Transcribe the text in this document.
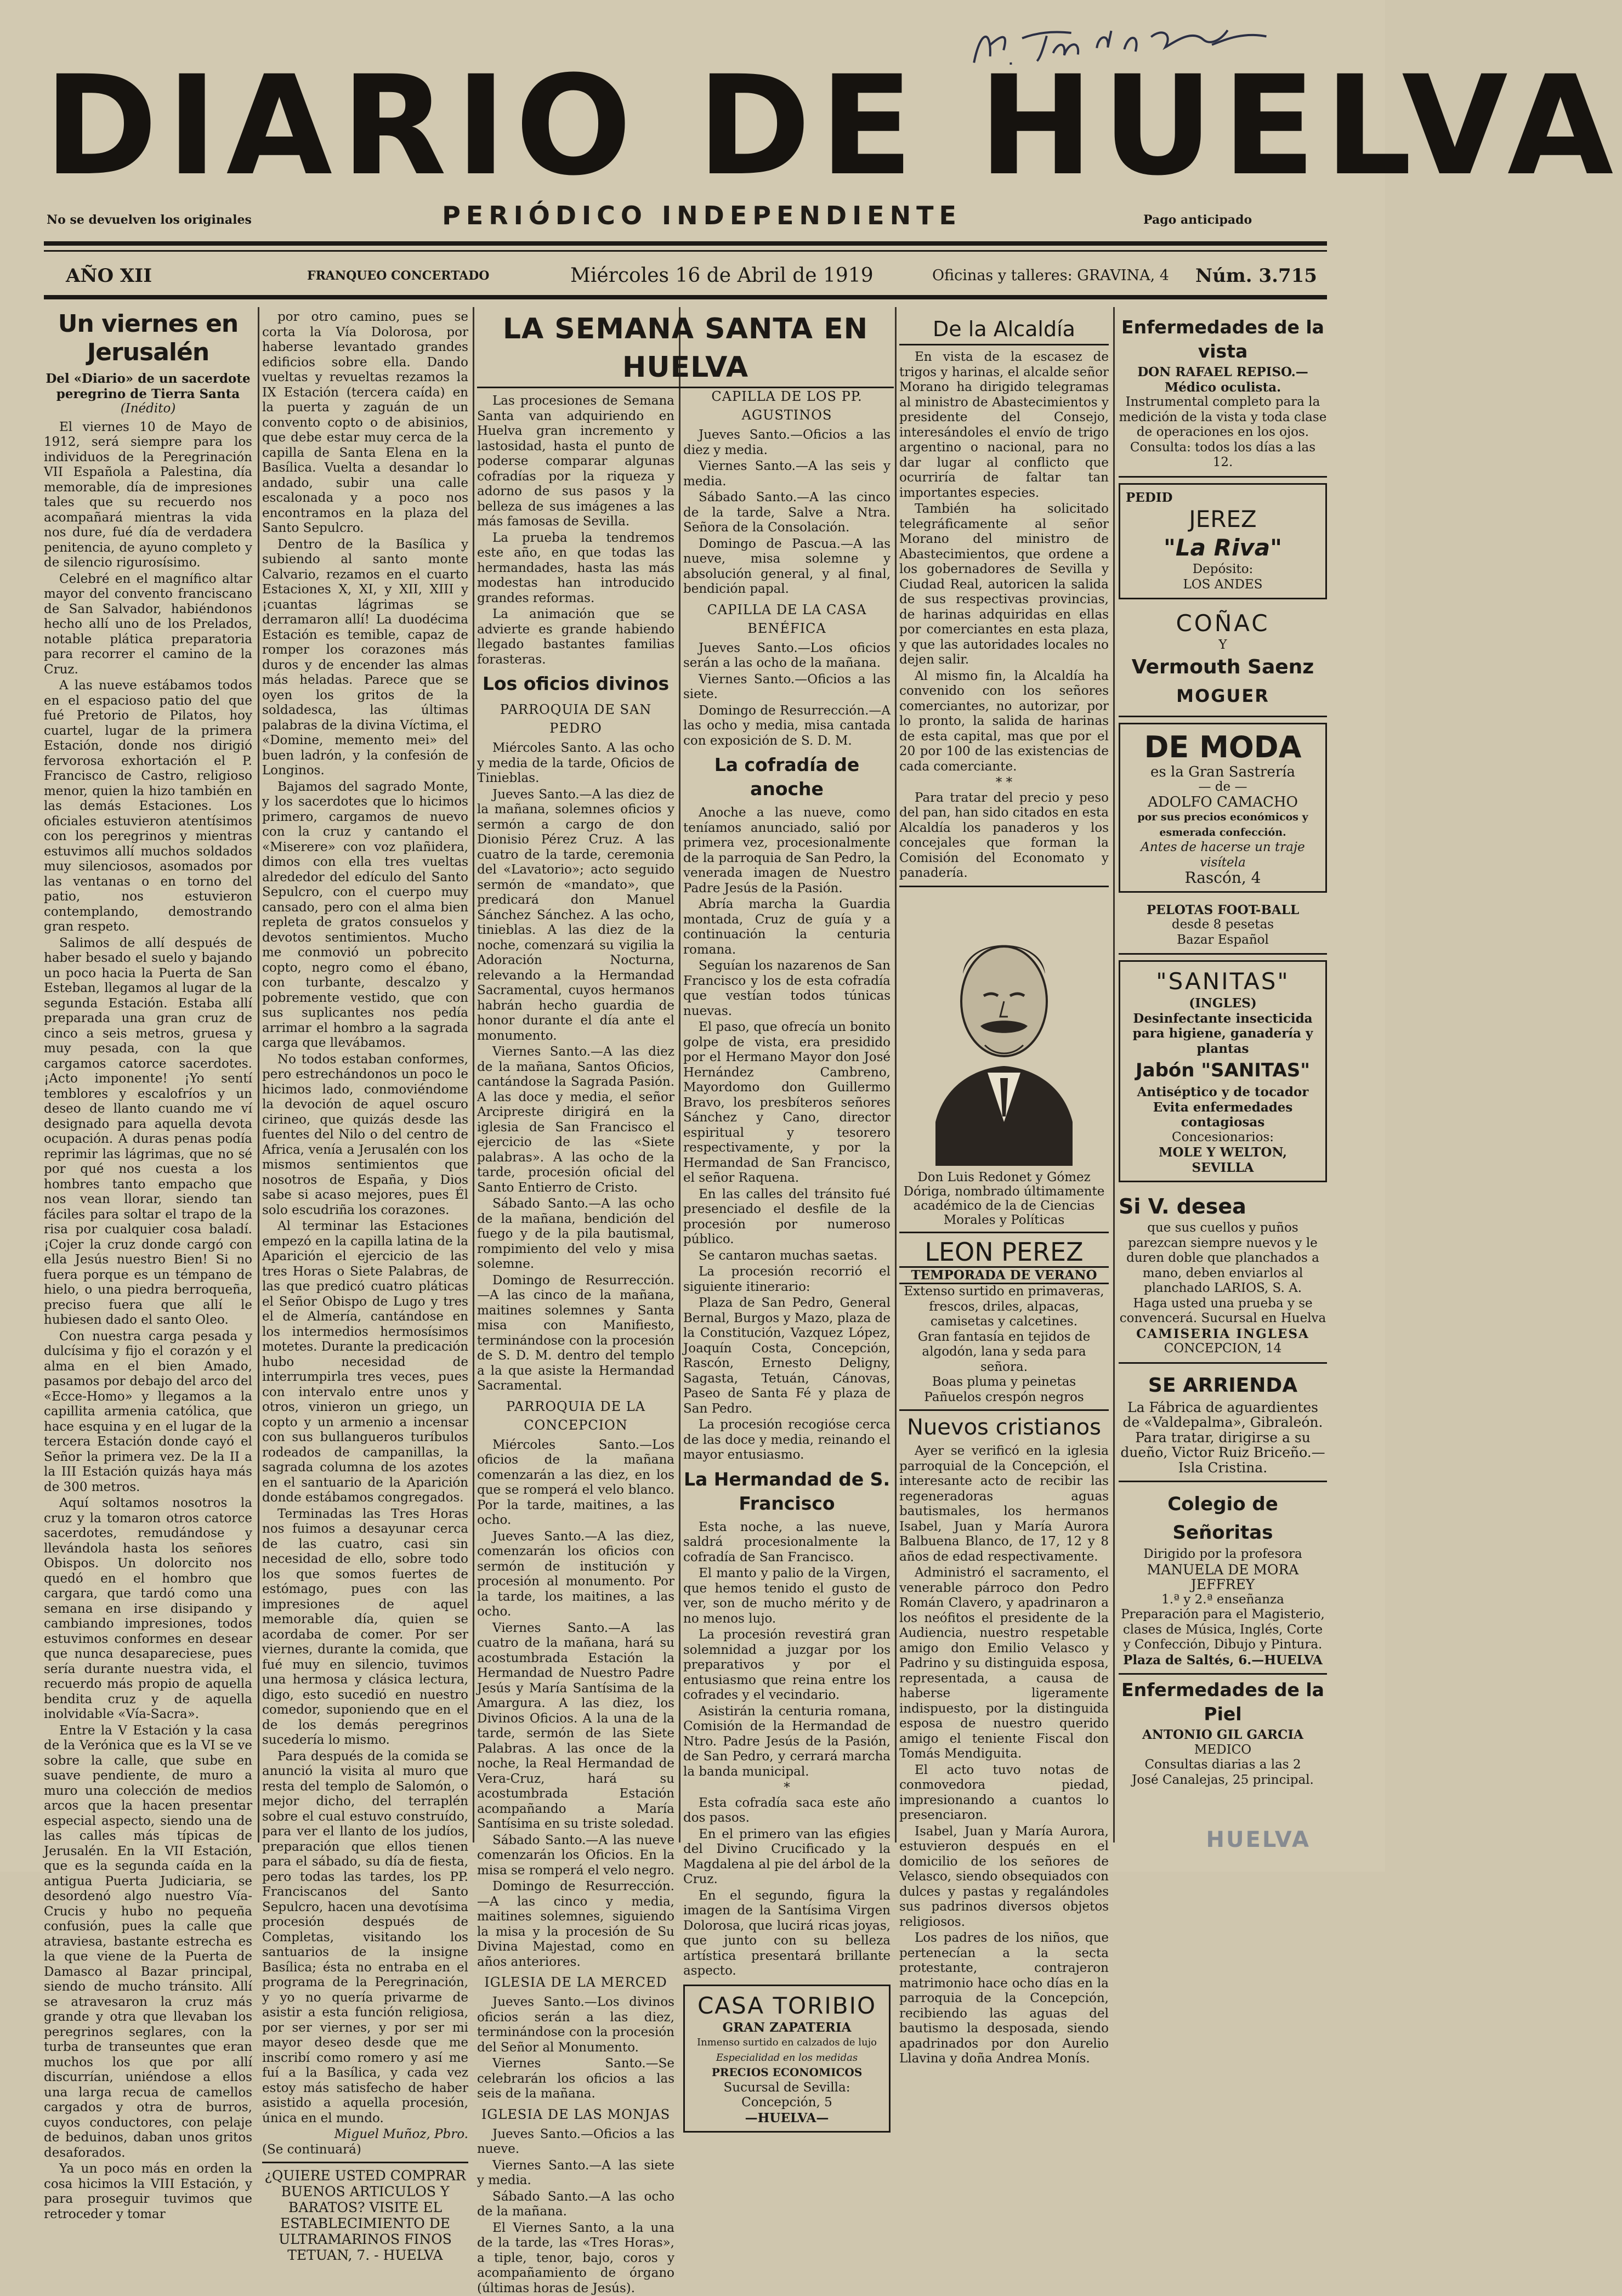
DIARIO DE HUELVA
No se devuelven los originales	PERIÓDICO INDEPENDIENTE	Pago anticipado
AÑO XII	FRANQUEO CONCERTADO	Miércoles 16 de Abril de 1919	Oficinas y talleres: GRAVINA, 4 Núm. 3.715
Un viernes en Jerusalén
Del «Diario» de un sacerdote peregrino de Tierra Santa
(Inédito)

El viernes 10 de Mayo de 1912, será siempre para los individuos de la Peregrinación VII Española a Palestina, día memorable, día de impresiones tales que su recuerdo nos acompañará mientras la vida nos dure, fué día de verdadera penitencia, de ayuno completo y de silencio rigurosísimo.

Celebré en el magnífico altar mayor del convento franciscano de San Salvador, habiéndonos hecho allí uno de los Prelados, notable plática preparatoria para recorrer el camino de la Cruz.

A las nueve estábamos todos en el espacioso patio del que fué Pretorio de Pilatos, hoy cuartel, lugar de la primera Estación, donde nos dirigió fervorosa exhortación el P. Francisco de Castro, religioso menor, quien la hizo también en las demás Estaciones. Los oficiales estuvieron atentísimos con los peregrinos y mientras estuvimos allí muchos soldados muy silenciosos, asomados por las ventanas o en torno del patio, nos estuvieron contemplando, demostrando gran respeto.

Salimos de allí después de haber besado el suelo y bajando un poco hacia la Puerta de San Esteban, llegamos al lugar de la segunda Estación. Estaba allí preparada una gran cruz de cinco a seis metros, gruesa y muy pesada, con la que cargamos catorce sacerdotes. ¡Acto imponente! ¡Yo sentí temblores y escalofríos y un deseo de llanto cuando me ví designado para aquella devota ocupación. A duras penas podía reprimir las lágrimas, que no sé por qué nos cuesta a los hombres tanto empacho que nos vean llorar, siendo tan fáciles para soltar el trapo de la risa por cualquier cosa baladí. ¡Cojer la cruz donde cargó con ella Jesús nuestro Bien! Si no fuera porque es un témpano de hielo, o una piedra berroqueña, preciso fuera que allí le hubiesen dado el santo Oleo.

Con nuestra carga pesada y dulcísima y fijo el corazón y el alma en el bien Amado, pasamos por debajo del arco del «Ecce-Homo» y llegamos a la capillita armenia católica, que hace esquina y en el lugar de la tercera Estación donde cayó el Señor la primera vez. De la II a la III Estación quizás haya más de 300 metros.

Aquí soltamos nosotros la cruz y la tomaron otros catorce sacerdotes, remudándose y llevándola hasta los señores Obispos. Un dolorcito nos quedó en el hombro que cargara, que tardó como una semana en irse disipando y cambiando impresiones, todos estuvimos conformes en desear que nunca desapareciese, pues sería durante nuestra vida, el recuerdo más propio de aquella bendita cruz y de aquella inolvidable «Vía-Sacra».

Entre la V Estación y la casa de la Verónica que es la VI se ve sobre la calle, que sube en suave pendiente, de muro a muro una colección de medios arcos que la hacen presentar especial aspecto, siendo una de las calles más típicas de Jerusalén. En la VII Estación, que es la segunda caída en la antigua Puerta Judiciaria, se desordenó algo nuestro Vía-Crucis y hubo no pequeña confusión, pues la calle que atraviesa, bastante estrecha es la que viene de la Puerta de Damasco al Bazar principal, siendo de mucho tránsito. Allí se atravesaron la cruz más grande y otra que llevaban los peregrinos seglares, con la turba de transeuntes que eran muchos los que por allí discurrían, uniéndose a ellos una larga recua de camellos cargados y otra de burros, cuyos conductores, con pelaje de beduinos, daban unos gritos desaforados.

Ya un poco más en orden la cosa hicimos la VIII Estación, y para proseguir tuvimos que retroceder y tomar

por otro camino, pues se corta la Vía Dolorosa, por haberse levantado grandes edificios sobre ella. Dando vueltas y revueltas rezamos la IX Estación (tercera caída) en la puerta y zaguán de un convento copto o de abisinios, que debe estar muy cerca de la capilla de Santa Elena en la Basílica. Vuelta a desandar lo andado, subir una calle escalonada y a poco nos encontramos en la plaza del Santo Sepulcro.

Dentro de la Basílica y subiendo al santo monte Calvario, rezamos en el cuarto Estaciones X, XI, y XII, XIII y ¡cuantas lágrimas se derramaron allí! La duodécima Estación es temible, capaz de romper los corazones más duros y de encender las almas más heladas. Parece que se oyen los gritos de la soldadesca, las últimas palabras de la divina Víctima, el «Domine, memento mei» del buen ladrón, y la confesión de Longinos.

Bajamos del sagrado Monte, y los sacerdotes que lo hicimos primero, cargamos de nuevo con la cruz y cantando el «Miserere» con voz plañidera, dimos con ella tres vueltas alrededor del edículo del Santo Sepulcro, con el cuerpo muy cansado, pero con el alma bien repleta de gratos consuelos y devotos sentimientos. Mucho me conmovió un pobrecito copto, negro como el ébano, con turbante, descalzo y pobremente vestido, que con sus suplicantes nos pedía arrimar el hombro a la sagrada carga que llevábamos.

No todos estaban conformes, pero estrechándonos un poco le hicimos lado, conmoviéndome la devoción de aquel oscuro cirineo, que quizás desde las fuentes del Nilo o del centro de Africa, venía a Jerusalén con los mismos sentimientos que nosotros de España, y Dios sabe si acaso mejores, pues Él solo escudriña los corazones.

Al terminar las Estaciones empezó en la capilla latina de la Aparición el ejercicio de las tres Horas o Siete Palabras, de las que predicó cuatro pláticas el Señor Obispo de Lugo y tres el de Almería, cantándose en los intermedios hermosísimos motetes. Durante la predicación hubo necesidad de interrumpirla tres veces, pues con intervalo entre unos y otros, vinieron un griego, un copto y un armenio a incensar con sus bullangueros turíbulos rodeados de campanillas, la sagrada columna de los azotes en el santuario de la Aparición donde estábamos congregados.

Terminadas las Tres Horas nos fuimos a desayunar cerca de las cuatro, casi sin necesidad de ello, sobre todo los que somos fuertes de estómago, pues con las impresiones de aquel memorable día, quien se acordaba de comer. Por ser viernes, durante la comida, que fué muy en silencio, tuvimos una hermosa y clásica lectura, digo, esto sucedió en nuestro comedor, suponiendo que en el de los demás peregrinos sucedería lo mismo.

Para después de la comida se anunció la visita al muro que resta del templo de Salomón, o mejor dicho, del terraplén sobre el cual estuvo construído, para ver el llanto de los judíos, preparación que ellos tienen para el sábado, su día de fiesta, pero todas las tardes, los PP. Franciscanos del Santo Sepulcro, hacen una devotísima procesión después de Completas, visitando los santuarios de la insigne Basílica; ésta no entraba en el programa de la Peregrinación, y yo no quería privarme de asistir a esta función religiosa, por ser viernes, y por ser mi mayor deseo desde que me inscribí como romero y así me fuí a la Basílica, y cada vez estoy más satisfecho de haber asistido a aquella procesión, única en el mundo.

Miguel Muñoz, Pbro.
(Se continuará)
¿QUIERE USTED COMPRAR BUENOS ARTICULOS Y BARATOS? VISITE EL ESTABLECIMIENTO DE ULTRAMARINOS FINOS TETUAN, 7. - HUELVA
LA SEMANA SANTA EN HUELVA

Las procesiones de Semana Santa van adquiriendo en Huelva gran incremento y lastosidad, hasta el punto de poderse comparar algunas cofradías por la riqueza y adorno de sus pasos y la belleza de sus imágenes a las más famosas de Sevilla.

La prueba la tendremos este año, en que todas las hermandades, hasta las más modestas han introducido grandes reformas.

La animación que se advierte es grande habiendo llegado bastantes familias forasteras.

Los oficios divinos
PARROQUIA DE SAN PEDRO

Miércoles Santo. A las ocho y media de la tarde, Oficios de Tinieblas.

Jueves Santo.—A las diez de la mañana, solemnes oficios y sermón a cargo de don Dionisio Pérez Cruz. A las cuatro de la tarde, ceremonia del «Lavatorio»; acto seguido sermón de «mandato», que predicará don Manuel Sánchez Sánchez. A las ocho, tinieblas. A las diez de la noche, comenzará su vigilia la Adoración Nocturna, relevando a la Hermandad Sacramental, cuyos hermanos habrán hecho guardia de honor durante el día ante el monumento.

Viernes Santo.—A las diez de la mañana, Santos Oficios, cantándose la Sagrada Pasión. A las doce y media, el señor Arcipreste dirigirá en la iglesia de San Francisco el ejercicio de las «Siete palabras». A las ocho de la tarde, procesión oficial del Santo Entierro de Cristo.

Sábado Santo.—A las ocho de la mañana, bendición del fuego y de la pila bautismal, rompimiento del velo y misa solemne.

Domingo de Resurrección.—A las cinco de la mañana, maitines solemnes y Santa misa con Manifiesto, terminándose con la procesión de S. D. M. dentro del templo a la que asiste la Hermandad Sacramental.

PARROQUIA DE LA CONCEPCION

Miércoles Santo.—Los oficios de la mañana comenzarán a las diez, en los que se romperá el velo blanco. Por la tarde, maitines, a las ocho.

Jueves Santo.—A las diez, comenzarán los oficios con sermón de institución y procesión al monumento. Por la tarde, los maitines, a las ocho.

Viernes Santo.—A las cuatro de la mañana, hará su acostumbrada Estación la Hermandad de Nuestro Padre Jesús y María Santísima de la Amargura. A las diez, los Divinos Oficios. A la una de la tarde, sermón de las Siete Palabras. A las once de la noche, la Real Hermandad de Vera-Cruz, hará su acostumbrada Estación acompañando a María Santísima en su triste soledad.

Sábado Santo.—A las nueve comenzarán los Oficios. En la misa se romperá el velo negro.

Domingo de Resurrección.—A las cinco y media, maitines solemnes, siguiendo la misa y la procesión de Su Divina Majestad, como en años anteriores.

IGLESIA DE LA MERCED

Jueves Santo.—Los divinos oficios serán a las diez, terminándose con la procesión del Señor al Monumento.

Viernes Santo.—Se celebrarán los oficios a las seis de la mañana.

IGLESIA DE LAS MONJAS

Jueves Santo.—Oficios a las nueve.

Viernes Santo.—A las siete y media.

Sábado Santo.—A las ocho de la mañana.

El Viernes Santo, a la una de la tarde, las «Tres Horas», a tiple, tenor, bajo, coros y acompañamiento de órgano (últimas horas de Jesús).

CAPILLA DE LOS PP. AGUSTINOS

Jueves Santo.—Oficios a las diez y media.

Viernes Santo.—A las seis y media.

Sábado Santo.—A las cinco de la tarde, Salve a Ntra. Señora de la Consolación.

Domingo de Pascua.—A las nueve, misa solemne y absolución general, y al final, bendición papal.

CAPILLA DE LA CASA BENÉFICA

Jueves Santo.—Los oficios serán a las ocho de la mañana.

Viernes Santo.—Oficios a las siete.

Domingo de Resurrección.—A las ocho y media, misa cantada con exposición de S. D. M.

La cofradía de anoche

Anoche a las nueve, como teníamos anunciado, salió por primera vez, procesionalmente de la parroquia de San Pedro, la venerada imagen de Nuestro Padre Jesús de la Pasión.

Abría marcha la Guardia montada, Cruz de guía y a continuación la centuria romana.

Seguían los nazarenos de San Francisco y los de esta cofradía que vestían todos túnicas nuevas.

El paso, que ofrecía un bonito golpe de vista, era presidido por el Hermano Mayor don José Hernández Cambreno, Mayordomo don Guillermo Bravo, los presbíteros señores Sánchez y Cano, director espiritual y tesorero respectivamente, y por la Hermandad de San Francisco, el señor Raquena.

En las calles del tránsito fué presenciado el desfile de la procesión por numeroso público.

Se cantaron muchas saetas.

La procesión recorrió el siguiente itinerario:

Plaza de San Pedro, General Bernal, Burgos y Mazo, plaza de la Constitución, Vazquez López, Joaquín Costa, Concepción, Rascón, Ernesto Deligny, Sagasta, Tetuán, Cánovas, Paseo de Santa Fé y plaza de San Pedro.

La procesión recogióse cerca de las doce y media, reinando el mayor entusiasmo.

La Hermandad de S. Francisco

Esta noche, a las nueve, saldrá procesionalmente la cofradía de San Francisco.

El manto y palio de la Virgen, que hemos tenido el gusto de ver, son de mucho mérito y de no menos lujo.

La procesión revestirá gran solemnidad a juzgar por los preparativos y por el entusiasmo que reina entre los cofrades y el vecindario.

Asistirán la centuria romana, Comisión de la Hermandad de Ntro. Padre Jesús de la Pasión, de San Pedro, y cerrará marcha la banda municipal.

*

Esta cofradía saca este año dos pasos.

En el primero van las efigies del Divino Crucificado y la Magdalena al pie del árbol de la Cruz.

En el segundo, figura la imagen de la Santísima Virgen Dolorosa, que lucirá ricas joyas, que junto con su belleza artística presentará brillante aspecto.

CASA TORIBIO
GRAN ZAPATERIA
Inmenso surtido en calzados de lujo
Especialidad en los medidas
PRECIOS ECONOMICOS
Sucursal de Sevilla: Concepción, 5
—HUELVA—
De la Alcaldía

En vista de la escasez de trigos y harinas, el alcalde señor Morano ha dirigido telegramas al ministro de Abastecimientos y presidente del Consejo, interesándoles el envío de trigo argentino o nacional, para no dar lugar al conflicto que ocurriría de faltar tan importantes especies.

También ha solicitado telegráficamente al señor Morano del ministro de Abastecimientos, que ordene a los gobernadores de Sevilla y Ciudad Real, autoricen la salida de sus respectivas provincias, de harinas adquiridas en ellas por comerciantes en esta plaza, y que las autoridades locales no dejen salir.

Al mismo fin, la Alcaldía ha convenido con los señores comerciantes, no autorizar, por lo pronto, la salida de harinas de esta capital, mas que por el 20 por 100 de las existencias de cada comerciante.

* *

Para tratar del precio y peso del pan, han sido citados en esta Alcaldía los panaderos y los concejales que forman la Comisión del Economato y panadería.

Don Luis Redonet y Gómez Dóriga, nombrado últimamente académico de la de Ciencias Morales y Políticas
LEON PEREZ
TEMPORADA DE VERANO
Extenso surtido en primaveras, frescos, driles, alpacas, camisetas y calcetines.
Gran fantasía en tejidos de algodón, lana y seda para señora.
Boas pluma y peinetas
Pañuelos crespón negros
Nuevos cristianos

Ayer se verificó en la iglesia parroquial de la Concepción, el interesante acto de recibir las regeneradoras aguas bautismales, los hermanos Isabel, Juan y María Aurora Balbuena Blanco, de 17, 12 y 8 años de edad respectivamente.

Administró el sacramento, el venerable párroco don Pedro Román Clavero, y apadrinaron a los neófitos el presidente de la Audiencia, nuestro respetable amigo don Emilio Velasco y Padrino y su distinguida esposa, representada, a causa de haberse ligeramente indispuesto, por la distinguida esposa de nuestro querido amigo el teniente Fiscal don Tomás Mendiguita.

El acto tuvo notas de conmovedora piedad, impresionando a cuantos lo presenciaron.

Isabel, Juan y María Aurora, estuvieron después en el domicilio de los señores de Velasco, siendo obsequiados con dulces y pastas y regalándoles sus padrinos diversos objetos religiosos.

Los padres de los niños, que pertenecían a la secta protestante, contrajeron matrimonio hace ocho días en la parroquia de la Concepción, recibiendo las aguas del bautismo la desposada, siendo apadrinados por don Aurelio Llavina y doña Andrea Monís.

Enfermedades de la vista
DON RAFAEL REPISO.—Médico oculista.
Instrumental completo para la medición de la vista y toda clase de operaciones en los ojos.
Consulta: todos los días a las 12.
PEDID
JEREZ
"La Riva"
Depósito:
LOS ANDES
COÑAC
Y
Vermouth Saenz
MOGUER
DE MODA
es la Gran Sastrería
— de —
ADOLFO CAMACHO
por sus precios económicos y esmerada confección.
Antes de hacerse un traje visítela
Rascón, 4
PELOTAS FOOT-BALL
desde 8 pesetas
Bazar Español
"SANITAS"
(INGLES)
Desinfectante insecticida para higiene, ganadería y plantas
Jabón "SANITAS"
Antiséptico y de tocador
Evita enfermedades contagiosas
Concesionarios:
MOLE Y WELTON, SEVILLA
Si V. desea
que sus cuellos y puños parezcan siempre nuevos y le duren doble que planchados a mano, deben enviarlos al planchado LARIOS, S. A.
Haga usted una prueba y se convencerá. Sucursal en Huelva
CAMISERIA INGLESA
CONCEPCION, 14
SE ARRIENDA
La Fábrica de aguardientes de «Valdepalma», Gibraleón.
Para tratar, dirigirse a su dueño, Victor Ruiz Briceño.—Isla Cristina.
Colegio de Señoritas
Dirigido por la profesora
MANUELA DE MORA JEFFREY
1.ª y 2.ª enseñanza
Preparación para el Magisterio, clases de Música, Inglés, Corte y Confección, Dibujo y Pintura.
Plaza de Saltés, 6.—HUELVA
Enfermedades de la Piel
ANTONIO GIL GARCIA
MEDICO
Consultas diarias a las 2
José Canalejas, 25 principal.
HUELVA
